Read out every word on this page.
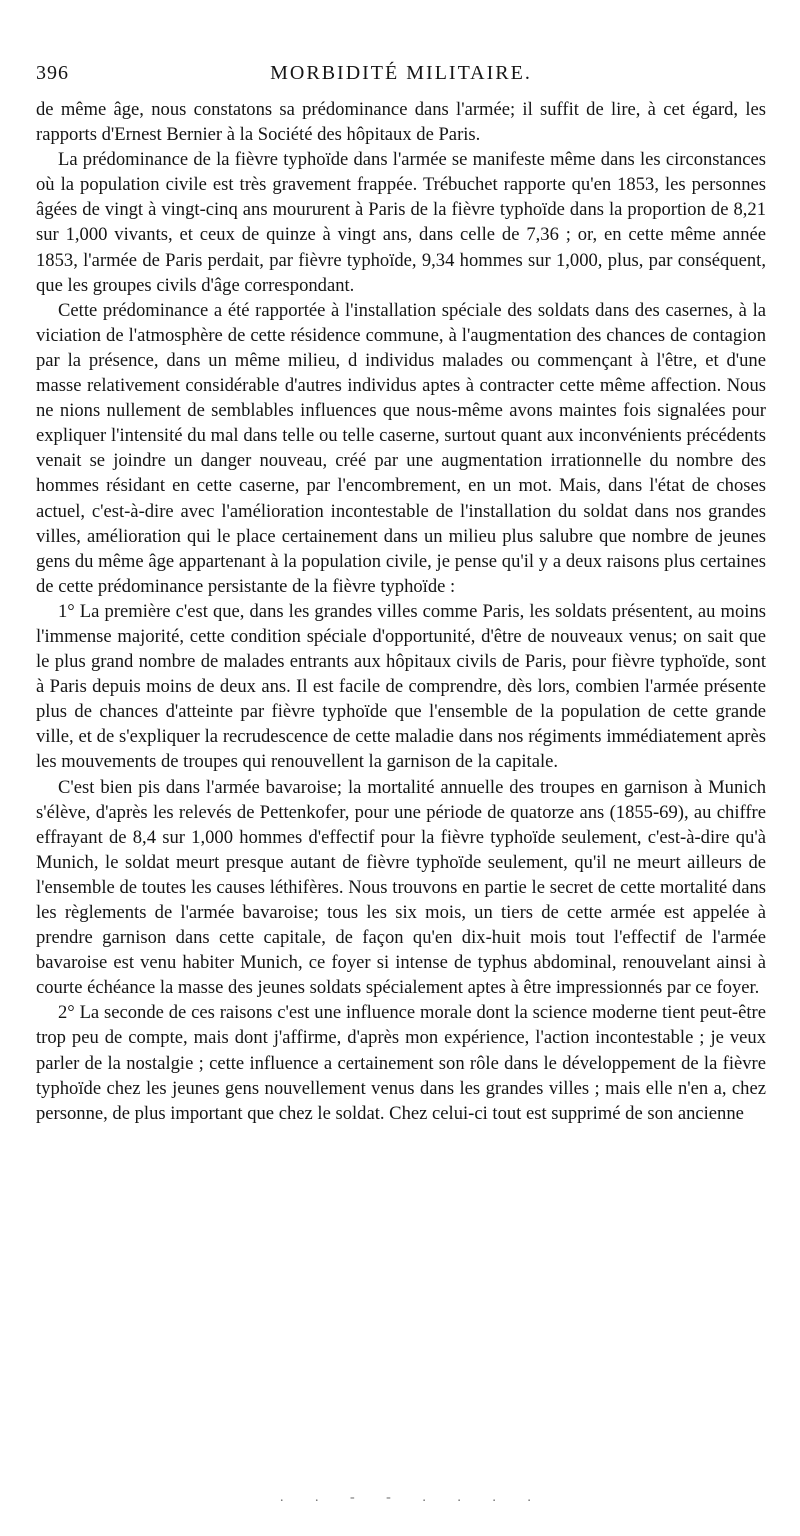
396	MORBIDITÉ MILITAIRE.

de même âge, nous constatons sa prédominance dans l'armée; il suffit de lire, à cet égard, les rapports d'Ernest Bernier à la Société des hôpitaux de Paris.

La prédominance de la fièvre typhoïde dans l'armée se manifeste même dans les circonstances où la population civile est très gravement frappée. Trébuchet rapporte qu'en 1853, les personnes âgées de vingt à vingt-cinq ans moururent à Paris de la fièvre typhoïde dans la proportion de 8,21 sur 1,000 vivants, et ceux de quinze à vingt ans, dans celle de 7,36 ; or, en cette même année 1853, l'armée de Paris perdait, par fièvre typhoïde, 9,34 hommes sur 1,000, plus, par conséquent, que les groupes civils d'âge correspondant.

Cette prédominance a été rapportée à l'installation spéciale des soldats dans des casernes, à la viciation de l'atmosphère de cette résidence commune, à l'augmentation des chances de contagion par la présence, dans un même milieu, d individus malades ou commençant à l'être, et d'une masse relativement considérable d'autres individus aptes à contracter cette même affection. Nous ne nions nullement de semblables influences que nous-même avons maintes fois signalées pour expliquer l'intensité du mal dans telle ou telle caserne, surtout quant aux inconvénients précédents venait se joindre un danger nouveau, créé par une augmentation irrationnelle du nombre des hommes résidant en cette caserne, par l'encombrement, en un mot. Mais, dans l'état de choses actuel, c'est-à-dire avec l'amélioration incontestable de l'installation du soldat dans nos grandes villes, amélioration qui le place certainement dans un milieu plus salubre que nombre de jeunes gens du même âge appartenant à la population civile, je pense qu'il y a deux raisons plus certaines de cette prédominance persistante de la fièvre typhoïde :

1° La première c'est que, dans les grandes villes comme Paris, les soldats présentent, au moins l'immense majorité, cette condition spéciale d'opportunité, d'être de nouveaux venus; on sait que le plus grand nombre de malades entrants aux hôpitaux civils de Paris, pour fièvre typhoïde, sont à Paris depuis moins de deux ans. Il est facile de comprendre, dès lors, combien l'armée présente plus de chances d'atteinte par fièvre typhoïde que l'ensemble de la population de cette grande ville, et de s'expliquer la recrudescence de cette maladie dans nos régiments immédiatement après les mouvements de troupes qui renouvellent la garnison de la capitale.

C'est bien pis dans l'armée bavaroise; la mortalité annuelle des troupes en garnison à Munich s'élève, d'après les relevés de Pettenkofer, pour une période de quatorze ans (1855-69), au chiffre effrayant de 8,4 sur 1,000 hommes d'effectif pour la fièvre typhoïde seulement, c'est-à-dire qu'à Munich, le soldat meurt presque autant de fièvre typhoïde seulement, qu'il ne meurt ailleurs de l'ensemble de toutes les causes léthifères. Nous trouvons en partie le secret de cette mortalité dans les règlements de l'armée bavaroise; tous les six mois, un tiers de cette armée est appelée à prendre garnison dans cette capitale, de façon qu'en dix-huit mois tout l'effectif de l'armée bavaroise est venu habiter Munich, ce foyer si intense de typhus abdominal, renouvelant ainsi à courte échéance la masse des jeunes soldats spécialement aptes à être impressionnés par ce foyer.

2° La seconde de ces raisons c'est une influence morale dont la science moderne tient peut-être trop peu de compte, mais dont j'affirme, d'après mon expérience, l'action incontestable ; je veux parler de la nostalgie ; cette influence a certainement son rôle dans le développement de la fièvre typhoïde chez les jeunes gens nouvellement venus dans les grandes villes ; mais elle n'en a, chez personne, de plus important que chez le soldat. Chez celui-ci tout est supprimé de son ancienne

. . - - . . . .
